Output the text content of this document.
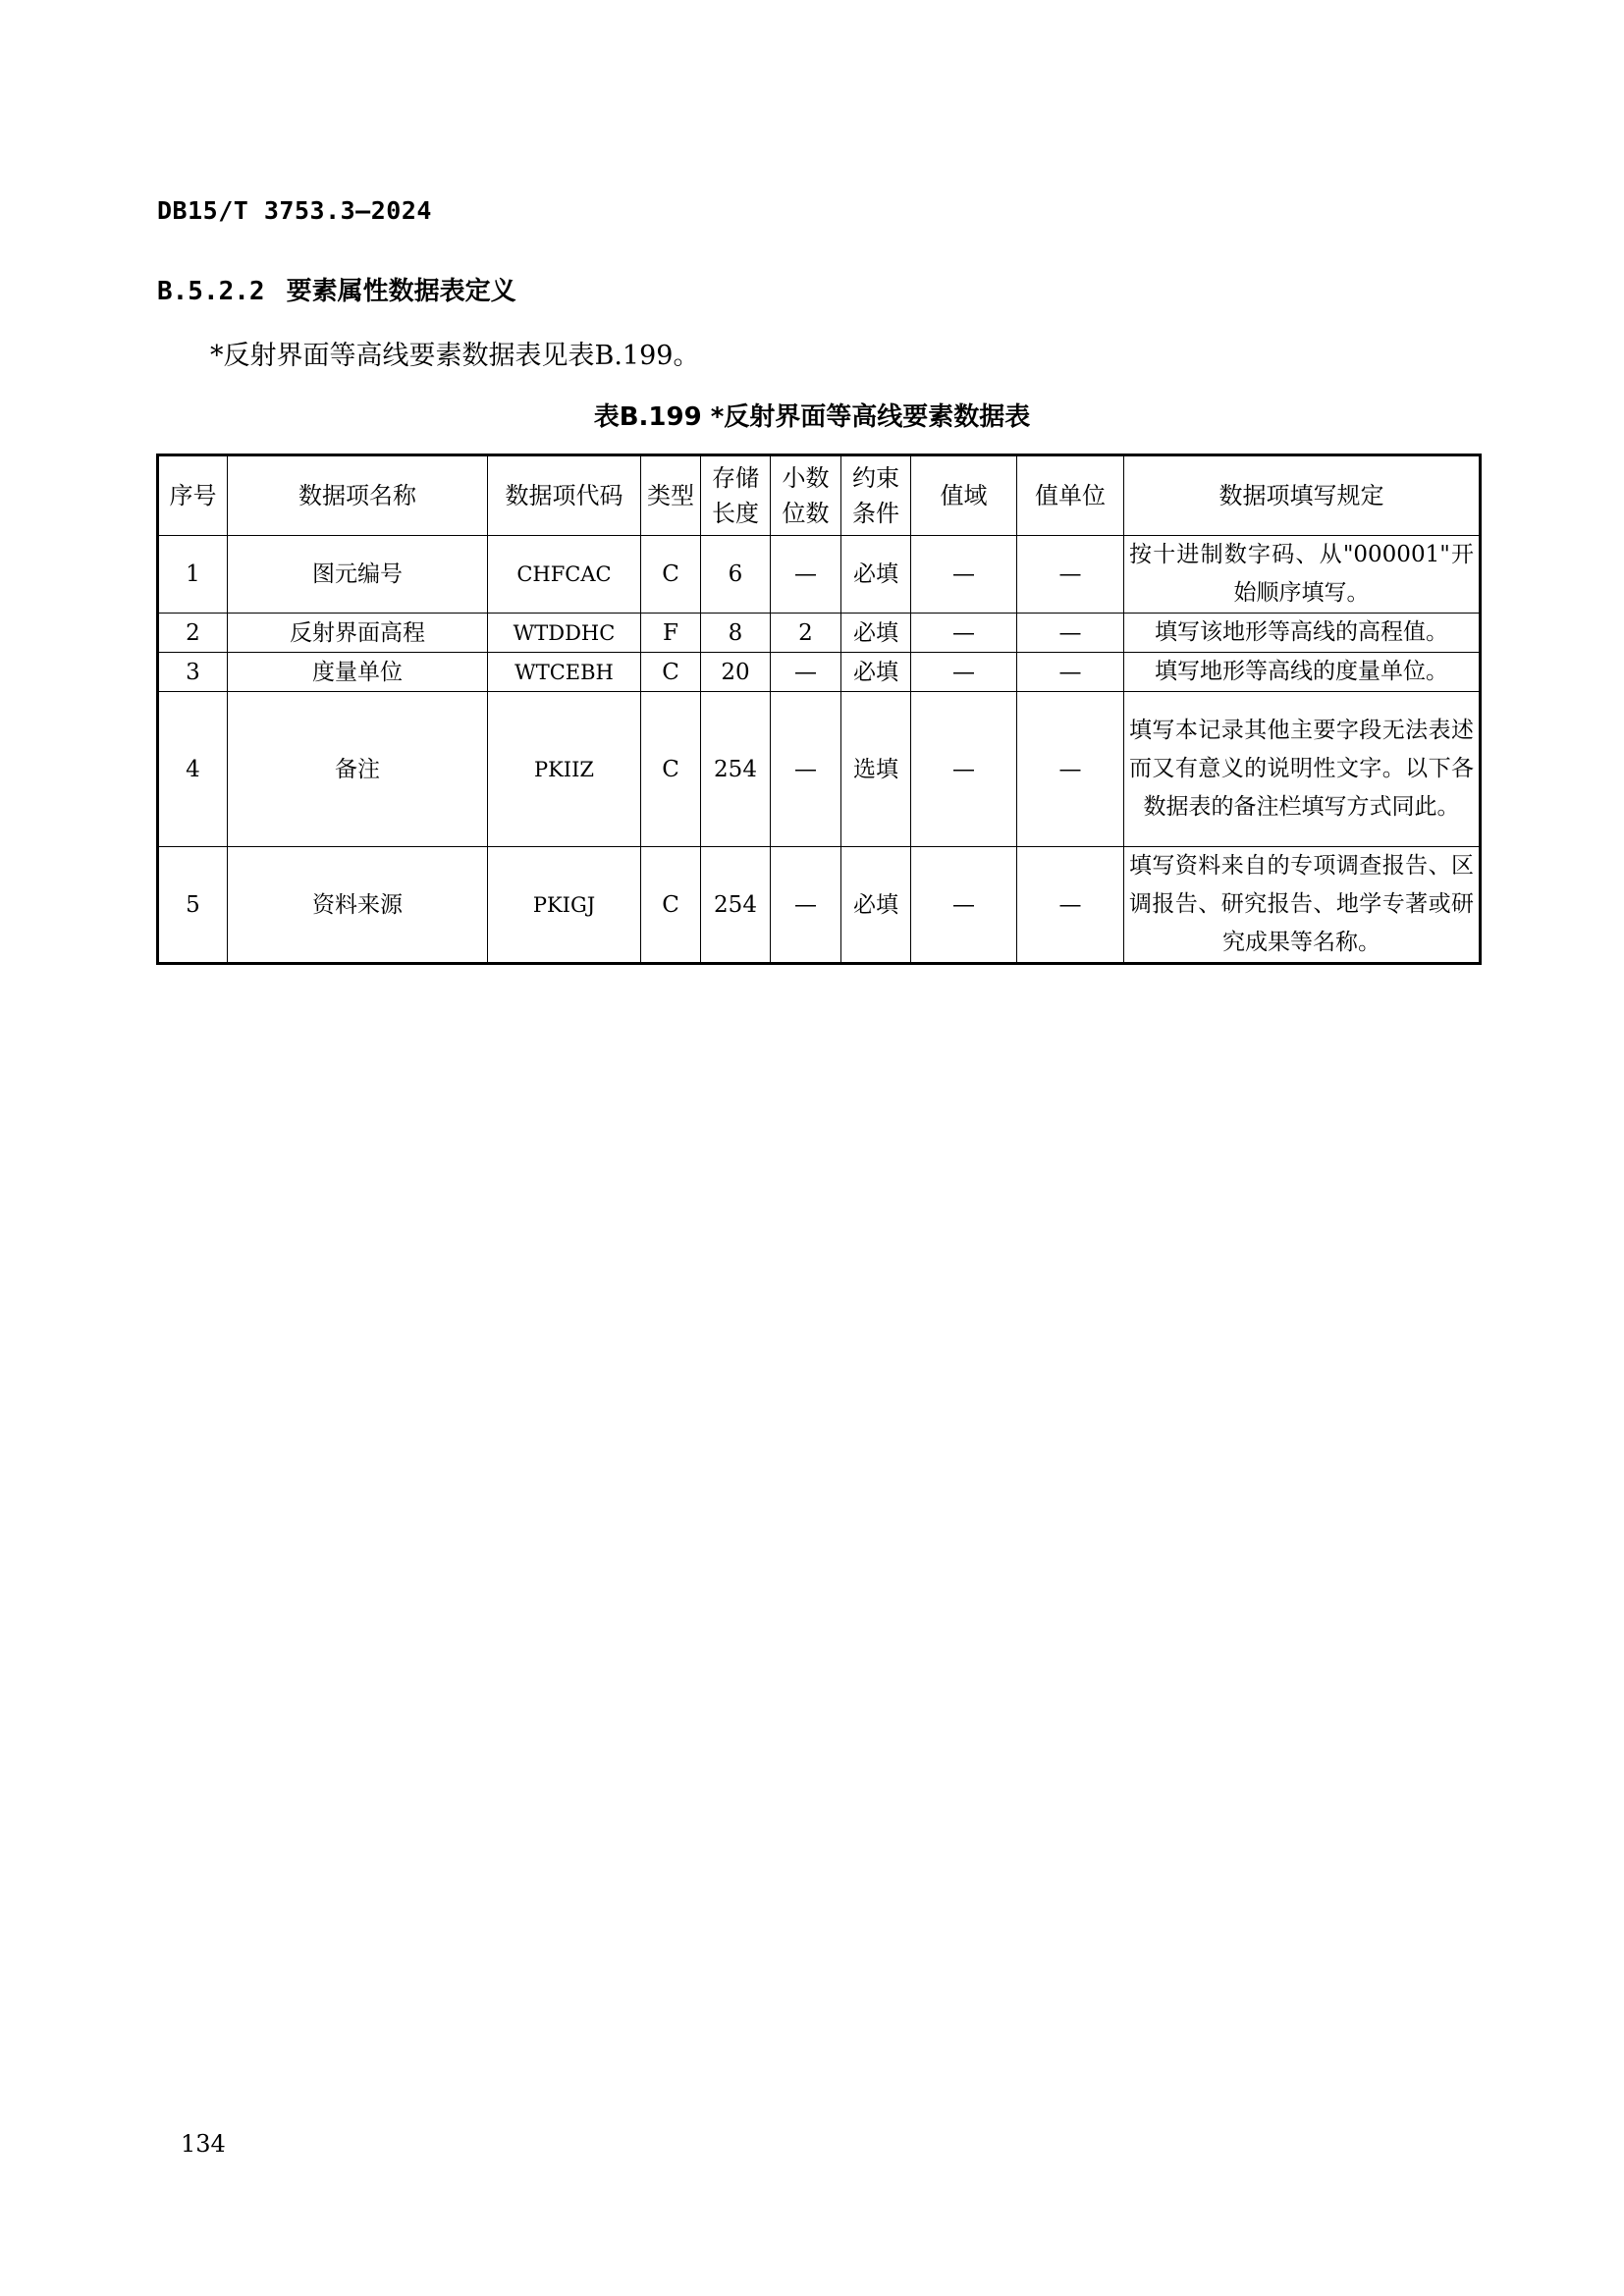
DB15/T 3753.3—2024
B.5.2.2 要素属性数据表定义
*反射界面等高线要素数据表见表B.199。
表B.199 *反射界面等高线要素数据表
序号	数据项名称	数据项代码	类型	存储长度	小数位数	约束条件	值域	值单位	数据项填写规定
1	图元编号	CHFCAC	C	6	—	必填	—	—	按十进制数字码、从"000001"开始顺序填写。
2	反射界面高程	WTDDHC	F	8	2	必填	—	—	填写该地形等高线的高程值。
3	度量单位	WTCEBH	C	20	—	必填	—	—	填写地形等高线的度量单位。
4	备注	PKIIZ	C	254	—	选填	—	—	填写本记录其他主要字段无法表述而又有意义的说明性文字。以下各数据表的备注栏填写方式同此。
5	资料来源	PKIGJ	C	254	—	必填	—	—	填写资料来自的专项调查报告、区调报告、研究报告、地学专著或研究成果等名称。
134
